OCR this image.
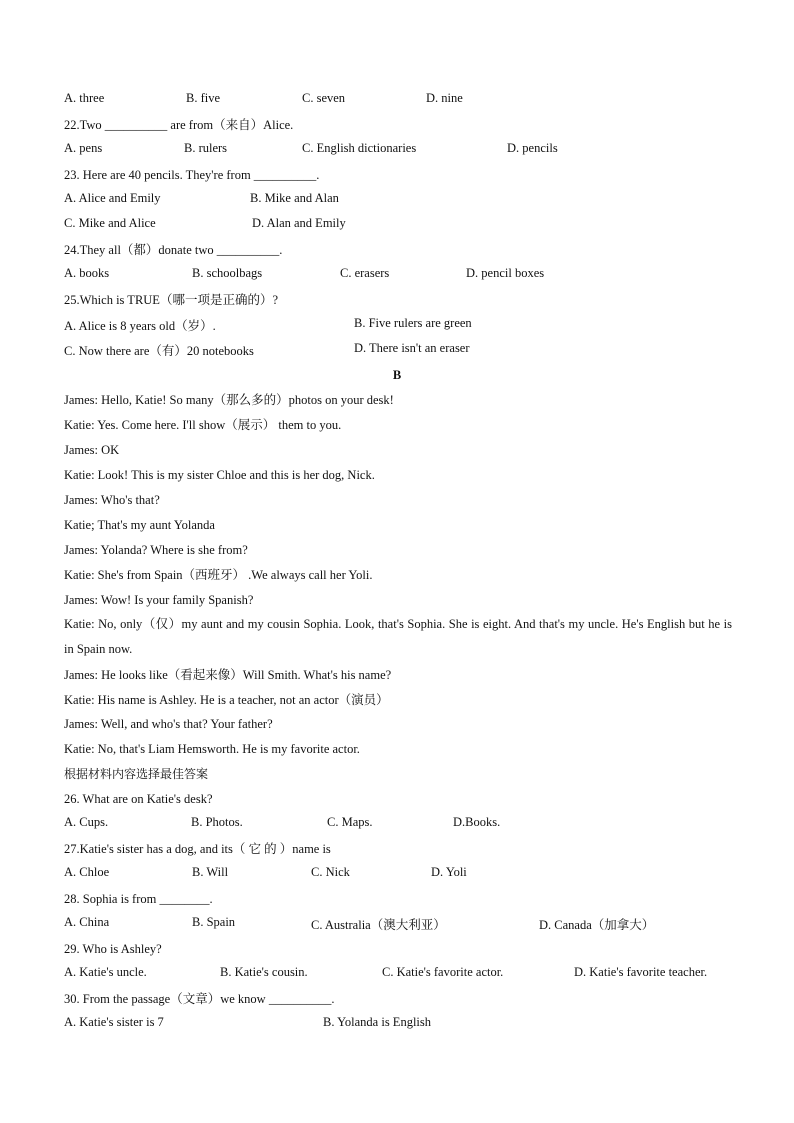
A. three	B. five	C. seven	D. nine
22.Two __________ are from（来自）Alice.
A. pens	B. rulers	C. English dictionaries	D. pencils
23. Here are 40 pencils. They're from __________.
A. Alice and Emily	B. Mike and Alan
C. Mike and Alice	D. Alan and Emily
24.They all（都）donate two __________.
A. books	B. schoolbags	C. erasers	D. pencil boxes
25.Which is TRUE（哪一项是正确的）?
A. Alice is 8 years old（岁）.	B. Five rulers are green
C. Now there are（有）20 notebooks	D. There isn't an eraser
B
James: Hello, Katie! So many（那么多的）photos on your desk!
Katie: Yes. Come here. I'll show（展示） them to you.
James: OK
Katie: Look! This is my sister Chloe and this is her dog, Nick.
James: Who's that?
Katie; That's my aunt Yolanda
James: Yolanda? Where is she from?
Katie: She's from Spain（西班牙） .We always call her Yoli.
James: Wow! Is your family Spanish?
Katie: No, only（仅）my aunt and my cousin Sophia. Look, that's Sophia. She is eight. And that's my uncle. He's English but he is in Spain now.
James: He looks like（看起来像）Will Smith. What's his name?
Katie: His name is Ashley. He is a teacher, not an actor（演员）
James: Well, and who's that? Your father?
Katie: No, that's Liam Hemsworth. He is my favorite actor.
根据材料内容选择最佳答案
26. What are on Katie's desk?
A. Cups.	B. Photos.	C. Maps.	D.Books.
27.Katie's sister has a dog, and its（ 它 的 ）name is
A. Chloe	B. Will	C. Nick	D. Yoli
28. Sophia is from ________.
A. China	B. Spain	C. Australia（澳大利亚）	D. Canada（加拿大）
29. Who is Ashley?
A. Katie's uncle.	B. Katie's cousin.	C. Katie's favorite actor.	D. Katie's favorite teacher.
30. From the passage（文章）we know __________.
A. Katie's sister is 7	B. Yolanda is English
